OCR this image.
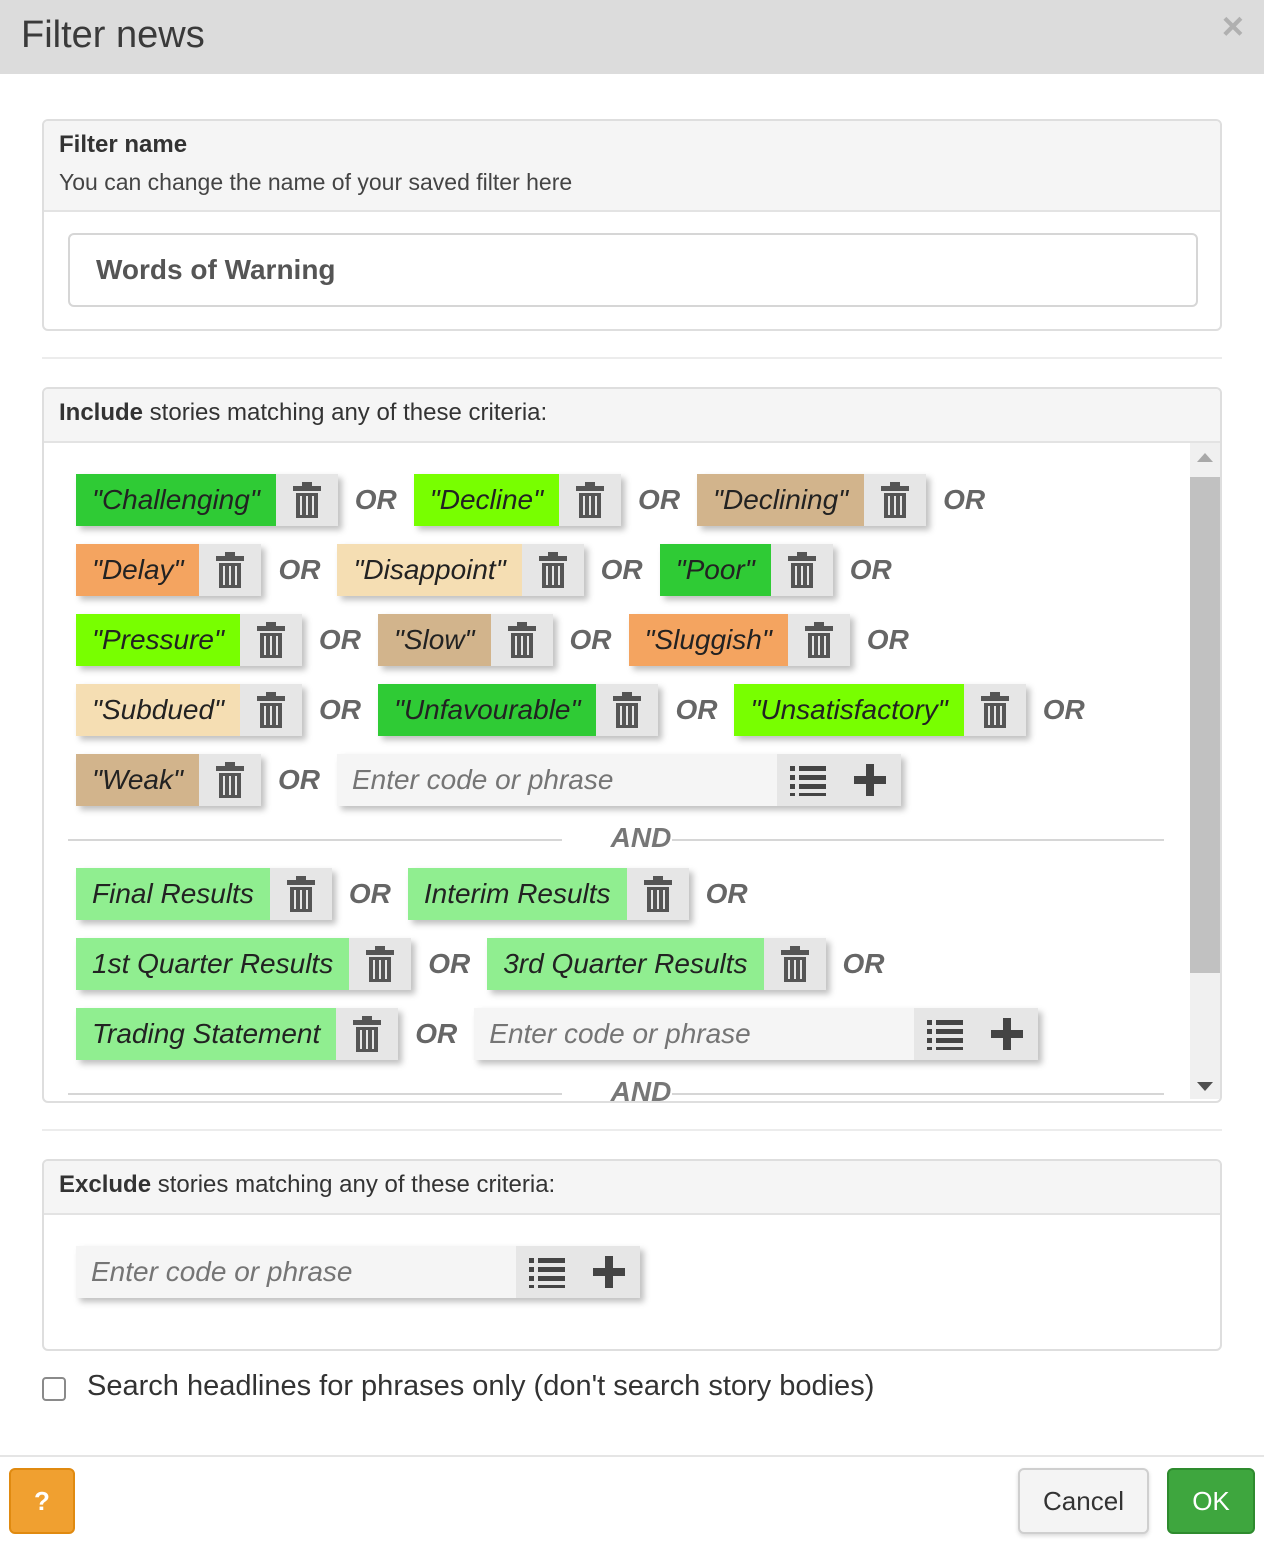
Filter news	×
Filter name
You can change the name of your saved filter here
Words of Warning
Include stories matching any of these criteria:
"Challenging"	OR	"Decline"	OR	"Declining"	OR
"Delay"	OR	"Disappoint"	OR	"Poor"	OR
"Pressure"	OR	"Slow"	OR	"Sluggish"	OR
"Subdued"	OR	"Unfavourable"	OR	"Unsatisfactory"	OR
"Weak"	OR
Enter code or phrase
AND
Final Results	OR	Interim Results	OR
1st Quarter Results	OR	3rd Quarter Results	OR
Trading Statement	OR
Enter code or phrase
AND
Exclude stories matching any of these criteria:
Enter code or phrase
Search headlines for phrases only (don't search story bodies)
?	Cancel	OK
